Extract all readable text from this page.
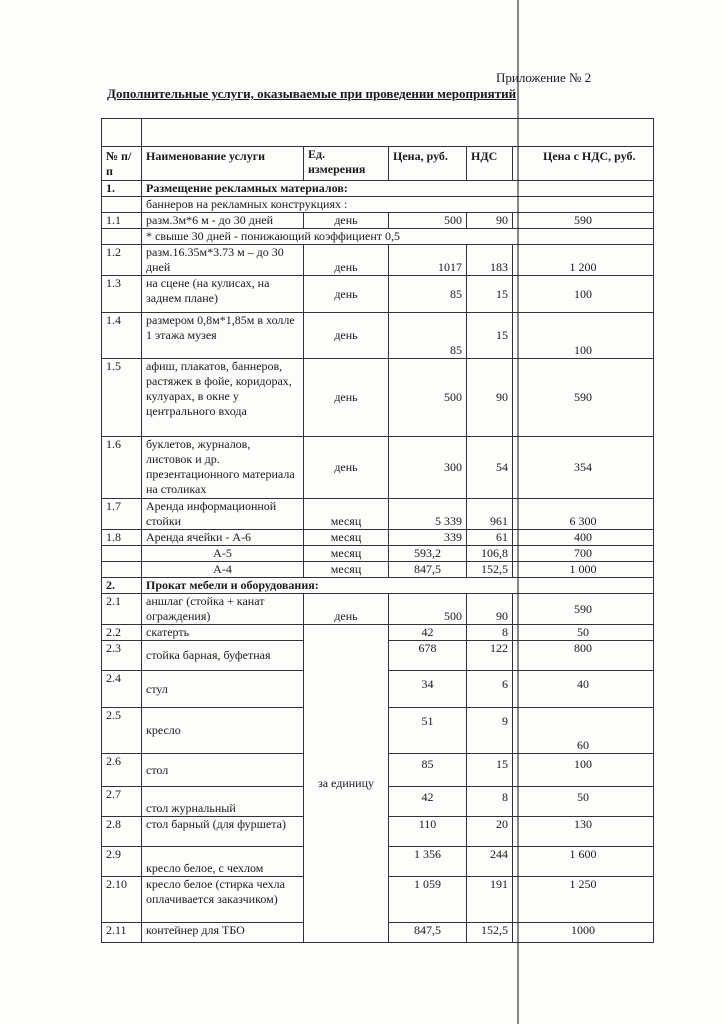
Приложение № 2
Дополнительные услуги, оказываемые при проведении мероприятий

№ п/п	Наименование услуги	Ед. измерения	Цена, руб.	НДС	Цена с НДС, руб.
1.	Размещение рекламных материалов:				
	баннеров на рекламных конструкциях :				
1.1	разм.3м*6 м - до 30 дней	день	500	90	590
	* свыше 30 дней - понижающий коэффициент 0,5				
1.2	разм.16.35м*3.73 м – до 30 дней	день	1017	183	1 200
1.3	на сцене (на кулисах, на заднем плане)	день	85	15	100
1.4	размером 0,8м*1,85м в холле 1 этажа музея	день	85	15	100
1.5	афиш, плакатов, баннеров, растяжек в фойе, коридорах, кулуарах, в окне у центрального входа	день	500	90	590
1.6	буклетов, журналов, листовок и др. презентационного материала на столиках	день	300	54	354
1.7	Аренда информационной стойки	месяц	5 339	961	6 300
1.8	Аренда ячейки - А-6	месяц	339	61	400
	А-5	месяц	593,2	106,8	700
	А-4	месяц	847,5	152,5	1 000
2.	Прокат мебели и оборудования:				
2.1	аншлаг (стойка + канат ограждения)	день	500	90	590
2.2	скатерть	за единицу	42	8	50
2.3	стойка барная, буфетная		678	122	800
2.4	стул		34	6	40
2.5	кресло		51	9	60
2.6	стол		85	15	100
2.7	стол журнальный		42	8	50
2.8	стол барный (для фуршета)		110	20	130
2.9	кресло белое, с чехлом		1 356	244	1 600
2.10	кресло белое (стирка чехла оплачивается заказчиком)		1 059	191	1 250
2.11	контейнер для ТБО		847,5	152,5	1000
